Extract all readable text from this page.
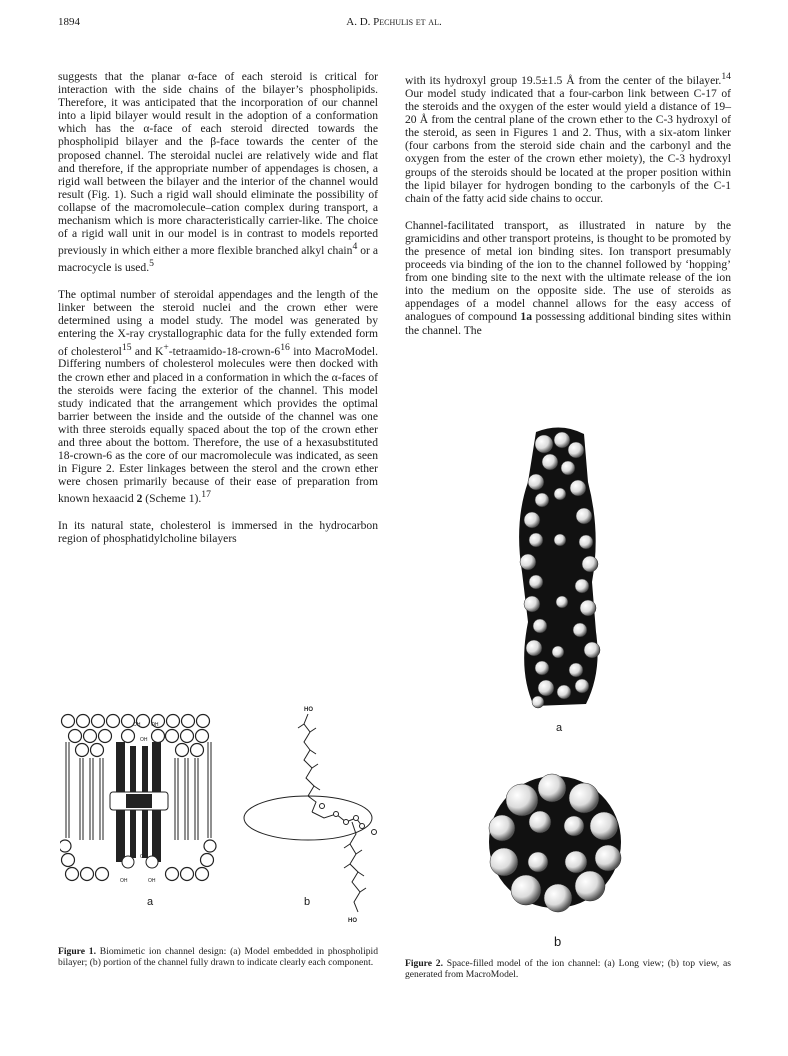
1894	A. D. Pechulis et al.

suggests that the planar α-face of each steroid is critical for interaction with the side chains of the bilayer’s phospholipids. Therefore, it was anticipated that the incorporation of our channel into a lipid bilayer would result in the adoption of a conformation which has the α-face of each steroid directed towards the phospholipid bilayer and the β-face towards the center of the proposed channel. The steroidal nuclei are relatively wide and flat and therefore, if the appropriate number of appendages is chosen, a rigid wall between the bilayer and the interior of the channel would result (Fig. 1). Such a rigid wall should eliminate the possibility of collapse of the macromolecule–cation complex during transport, a mechanism which is more characteristically carrier-like. The choice of a rigid wall unit in our model is in contrast to models reported previously in which either a more flexible branched alkyl chain$^4$ or a macrocycle is used.$^5$

The optimal number of steroidal appendages and the length of the linker between the steroid nuclei and the crown ether were determined using a model study. The model was generated by entering the X-ray crystallographic data for the fully extended form of cholesterol$^{15}$ and $K^+-tetraamido-18-crown-6^{16}$ into MacroModel. Differing numbers of cholesterol molecules were then docked with the crown ether and placed in a conformation in which the α-faces of the steroids were facing the exterior of the channel. This model study indicated that the arrangement which provides the optimal barrier between the inside and the outside of the channel was one with three steroids equally spaced about the top of the crown ether and three about the bottom. Therefore, the use of a hexasubstituted 18-crown-6 as the core of our macromolecule was indicated, as seen in Figure 2. Ester linkages between the sterol and the crown ether were chosen primarily because of their ease of preparation from known hexaacid 2 (Scheme 1).$^{17}$

In its natural state, cholesterol is immersed in the hydrocarbon region of phosphatidylcholine bilayers

with its hydroxyl group 19.5±1.5 Å from the center of the bilayer.$^{14}$ Our model study indicated that a four-carbon link between C-17 of the steroids and the oxygen of the ester would yield a distance of 19–20 Å from the central plane of the crown ether to the C-3 hydroxyl of the steroid, as seen in Figures 1 and 2. Thus, with a six-atom linker (four carbons from the steroid side chain and the carbonyl and the oxygen from the ester of the crown ether moiety), the C-3 hydroxyl groups of the steroids should be located at the proper position within the lipid bilayer for hydrogen bonding to the carbonyls of the C-1 chain of the fatty acid side chains to occur.

Channel-facilitated transport, as illustrated in nature by the gramicidins and other transport proteins, is thought to be promoted by the presence of metal ion binding sites. Ion transport presumably proceeds via binding of the ion to the channel followed by ‘hopping’ from one binding site to the next with the ultimate release of the ion into the medium on the opposite side. The use of steroids as appendages of a model channel allows for the easy access of analogues of compound 1a possessing additional binding sites within the channel. The

OH OH
OH
OH
OH	OH
a
HO
HO
b
Figure 1. Biomimetic ion channel design: (a) Model embedded in phospholipid bilayer; (b) portion of the channel fully drawn to indicate clearly each component.
a
b
Figure 2. Space-filled model of the ion channel: (a) Long view; (b) top view, as generated from MacroModel.
